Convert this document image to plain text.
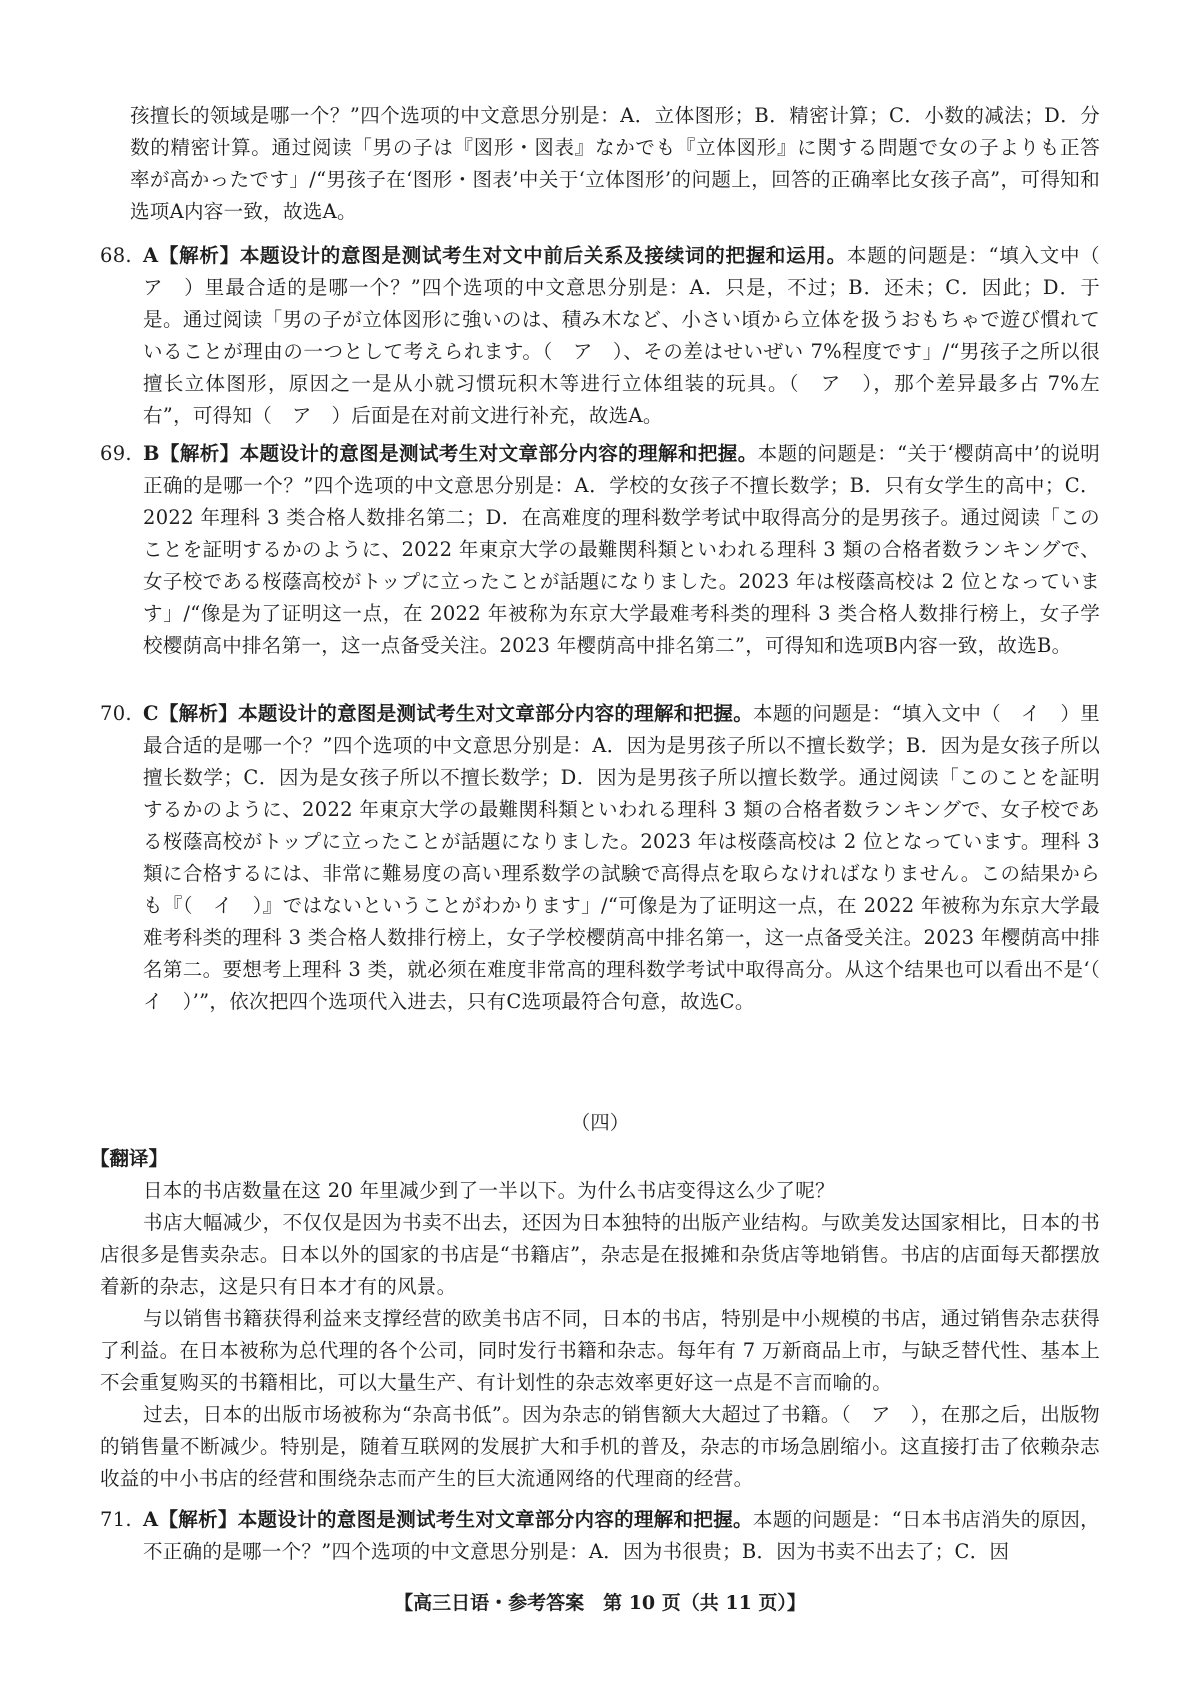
孩擅长的领域是哪一个？”四个选项的中文意思分别是：A．立体图形；B．精密计算；C．小数的减法；D．分数的精密计算。通过阅读「男の子は『図形・図表』なかでも『立体図形』に関する問題で女の子よりも正答率が高かったです」/“男孩子在‘图形・图表’中关于‘立体图形’的问题上，回答的正确率比女孩子高”，可得知和选项A内容一致，故选A。

68. A【解析】本题设计的意图是测试考生对文中前后关系及接续词的把握和运用。本题的问题是：“填入文中（　ア　）里最合适的是哪一个？”四个选项的中文意思分别是：A．只是，不过；B．还未；C．因此；D．于是。通过阅读「男の子が立体図形に強いのは、積み木など、小さい頃から立体を扱うおもちゃで遊び慣れていることが理由の一つとして考えられます。（　ア　）、その差はせいぜい 7%程度です」/“男孩子之所以很擅长立体图形，原因之一是从小就习惯玩积木等进行立体组装的玩具。（　ア　），那个差异最多占 7%左右”，可得知（　ア　）后面是在对前文进行补充，故选A。
69. B【解析】本题设计的意图是测试考生对文章部分内容的理解和把握。本题的问题是：“关于‘樱荫高中’的说明正确的是哪一个？”四个选项的中文意思分别是：A．学校的女孩子不擅长数学；B．只有女学生的高中；C．2022 年理科 3 类合格人数排名第二；D．在高难度的理科数学考试中取得高分的是男孩子。通过阅读「このことを証明するかのように、2022 年東京大学の最難関科類といわれる理科 3 類の合格者数ランキングで、女子校である桜蔭高校がトップに立ったことが話題になりました。2023 年は桜蔭高校は 2 位となっています」/“像是为了证明这一点，在 2022 年被称为东京大学最难考科类的理科 3 类合格人数排行榜上，女子学校樱荫高中排名第一，这一点备受关注。2023 年樱荫高中排名第二”，可得知和选项B内容一致，故选B。
70. C【解析】本题设计的意图是测试考生对文章部分内容的理解和把握。本题的问题是：“填入文中（　イ　）里最合适的是哪一个？”四个选项的中文意思分别是：A．因为是男孩子所以不擅长数学；B．因为是女孩子所以擅长数学；C．因为是女孩子所以不擅长数学；D．因为是男孩子所以擅长数学。通过阅读「このことを証明するかのように、2022 年東京大学の最難関科類といわれる理科 3 類の合格者数ランキングで、女子校である桜蔭高校がトップに立ったことが話題になりました。2023 年は桜蔭高校は 2 位となっています。理科 3 類に合格するには、非常に難易度の高い理系数学の試験で高得点を取らなければなりません。この結果からも『（　イ　）』ではないということがわかります」/“可像是为了证明这一点，在 2022 年被称为东京大学最难考科类的理科 3 类合格人数排行榜上，女子学校樱荫高中排名第一，这一点备受关注。2023 年樱荫高中排名第二。要想考上理科 3 类，就必须在难度非常高的理科数学考试中取得高分。从这个结果也可以看出不是‘（　イ　）’”，依次把四个选项代入进去，只有C选项最符合句意，故选C。
（四）
【翻译】

日本的书店数量在这 20 年里减少到了一半以下。为什么书店变得这么少了呢？

书店大幅减少，不仅仅是因为书卖不出去，还因为日本独特的出版产业结构。与欧美发达国家相比，日本的书店很多是售卖杂志。日本以外的国家的书店是“书籍店”，杂志是在报摊和杂货店等地销售。书店的店面每天都摆放着新的杂志，这是只有日本才有的风景。

与以销售书籍获得利益来支撑经营的欧美书店不同，日本的书店，特别是中小规模的书店，通过销售杂志获得了利益。在日本被称为总代理的各个公司，同时发行书籍和杂志。每年有 7 万新商品上市，与缺乏替代性、基本上不会重复购买的书籍相比，可以大量生产、有计划性的杂志效率更好这一点是不言而喻的。

过去，日本的出版市场被称为“杂高书低”。因为杂志的销售额大大超过了书籍。（　ア　），在那之后，出版物的销售量不断减少。特别是，随着互联网的发展扩大和手机的普及，杂志的市场急剧缩小。这直接打击了依赖杂志收益的中小书店的经营和围绕杂志而产生的巨大流通网络的代理商的经营。

71. A【解析】本题设计的意图是测试考生对文章部分内容的理解和把握。本题的问题是：“日本书店消失的原因，不正确的是哪一个？”四个选项的中文意思分别是：A．因为书很贵；B．因为书卖不出去了；C．因
【高三日语・参考答案　第 10 页（共 11 页）】
